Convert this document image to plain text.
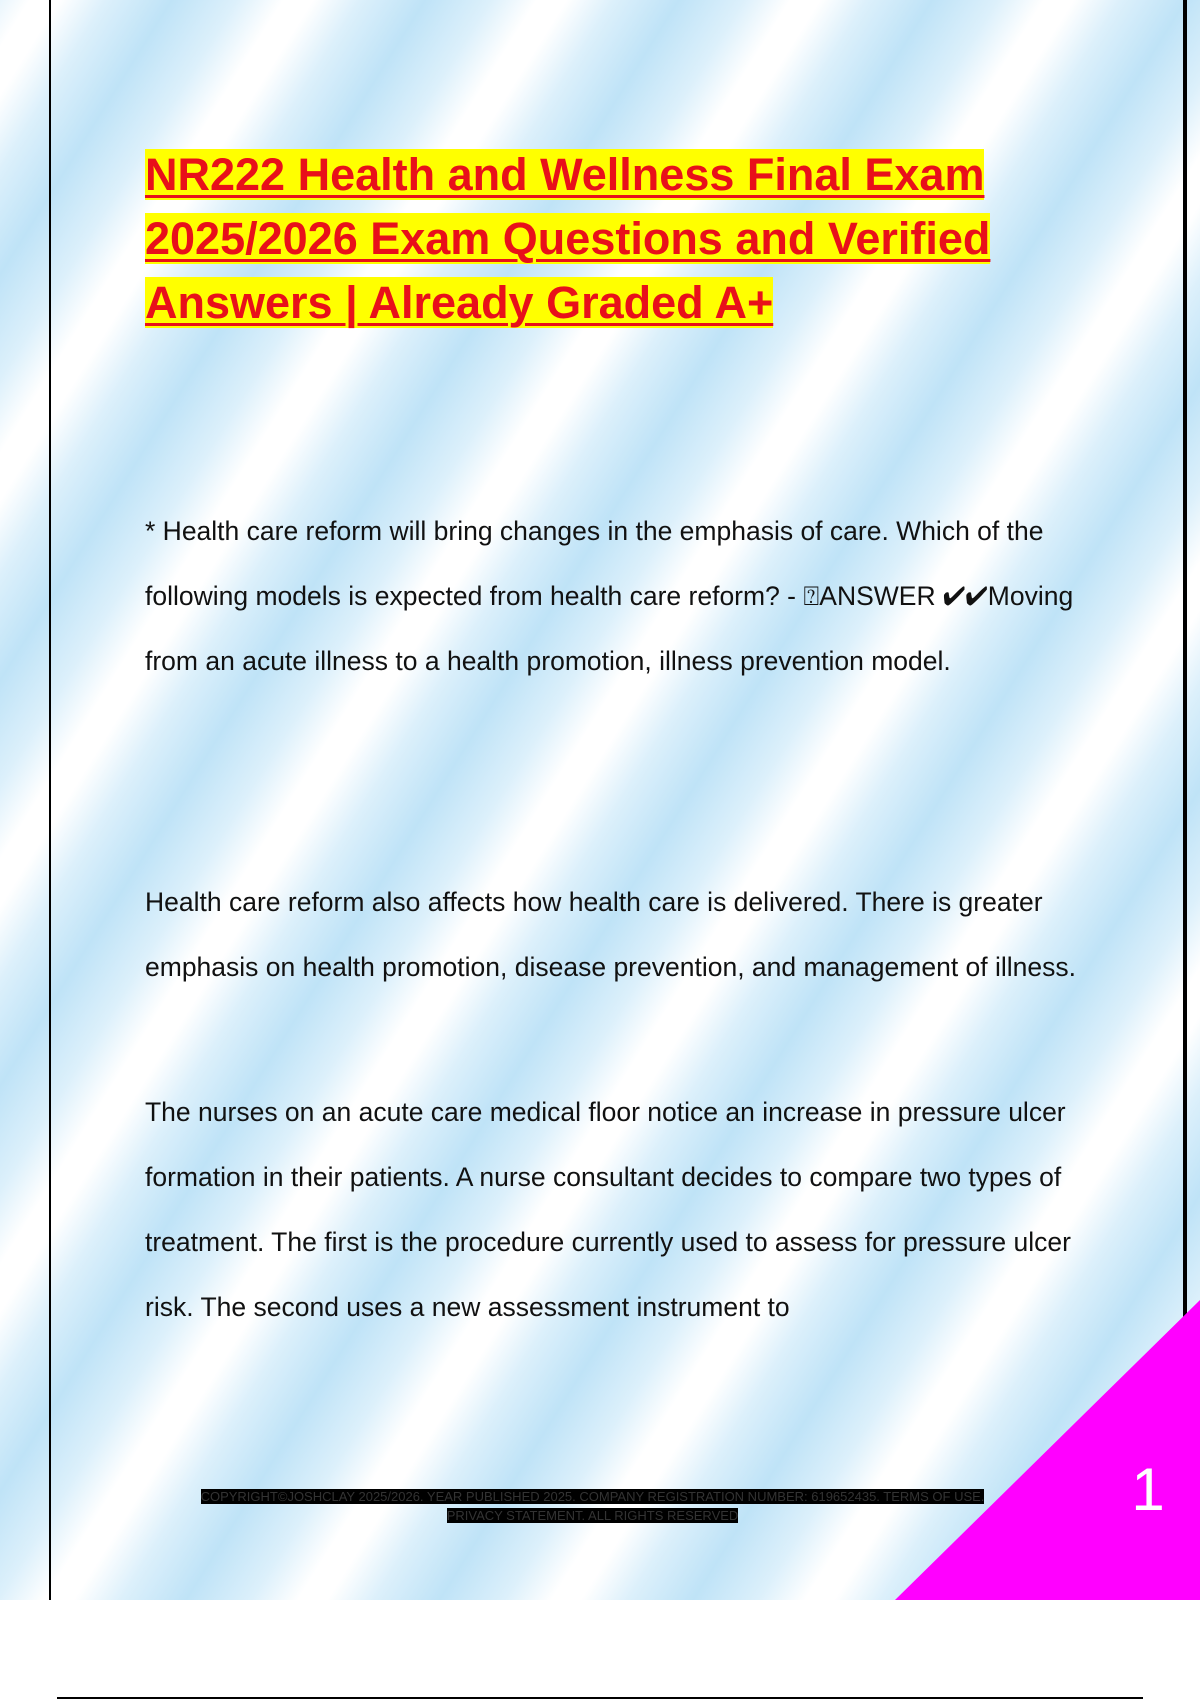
NR222 Health and Wellness Final Exam 2025/2026 Exam Questions and Verified Answers | Already Graded A+

* Health care reform will bring changes in the emphasis of care. Which of the following models is expected from health care reform? - ⍰ANSWER ✔✔Moving from an acute illness to a health promotion, illness prevention model.

Health care reform also affects how health care is delivered. There is greater emphasis on health promotion, disease prevention, and management of illness.

The nurses on an acute care medical floor notice an increase in pressure ulcer formation in their patients. A nurse consultant decides to compare two types of treatment. The first is the procedure currently used to assess for pressure ulcer risk. The second uses a new assessment instrument to

COPYRIGHT©JOSHCLAY 2025/2026. YEAR PUBLISHED 2025. COMPANY REGISTRATION NUMBER: 619652435. TERMS OF USE. PRIVACY STATEMENT. ALL RIGHTS RESERVED	1
